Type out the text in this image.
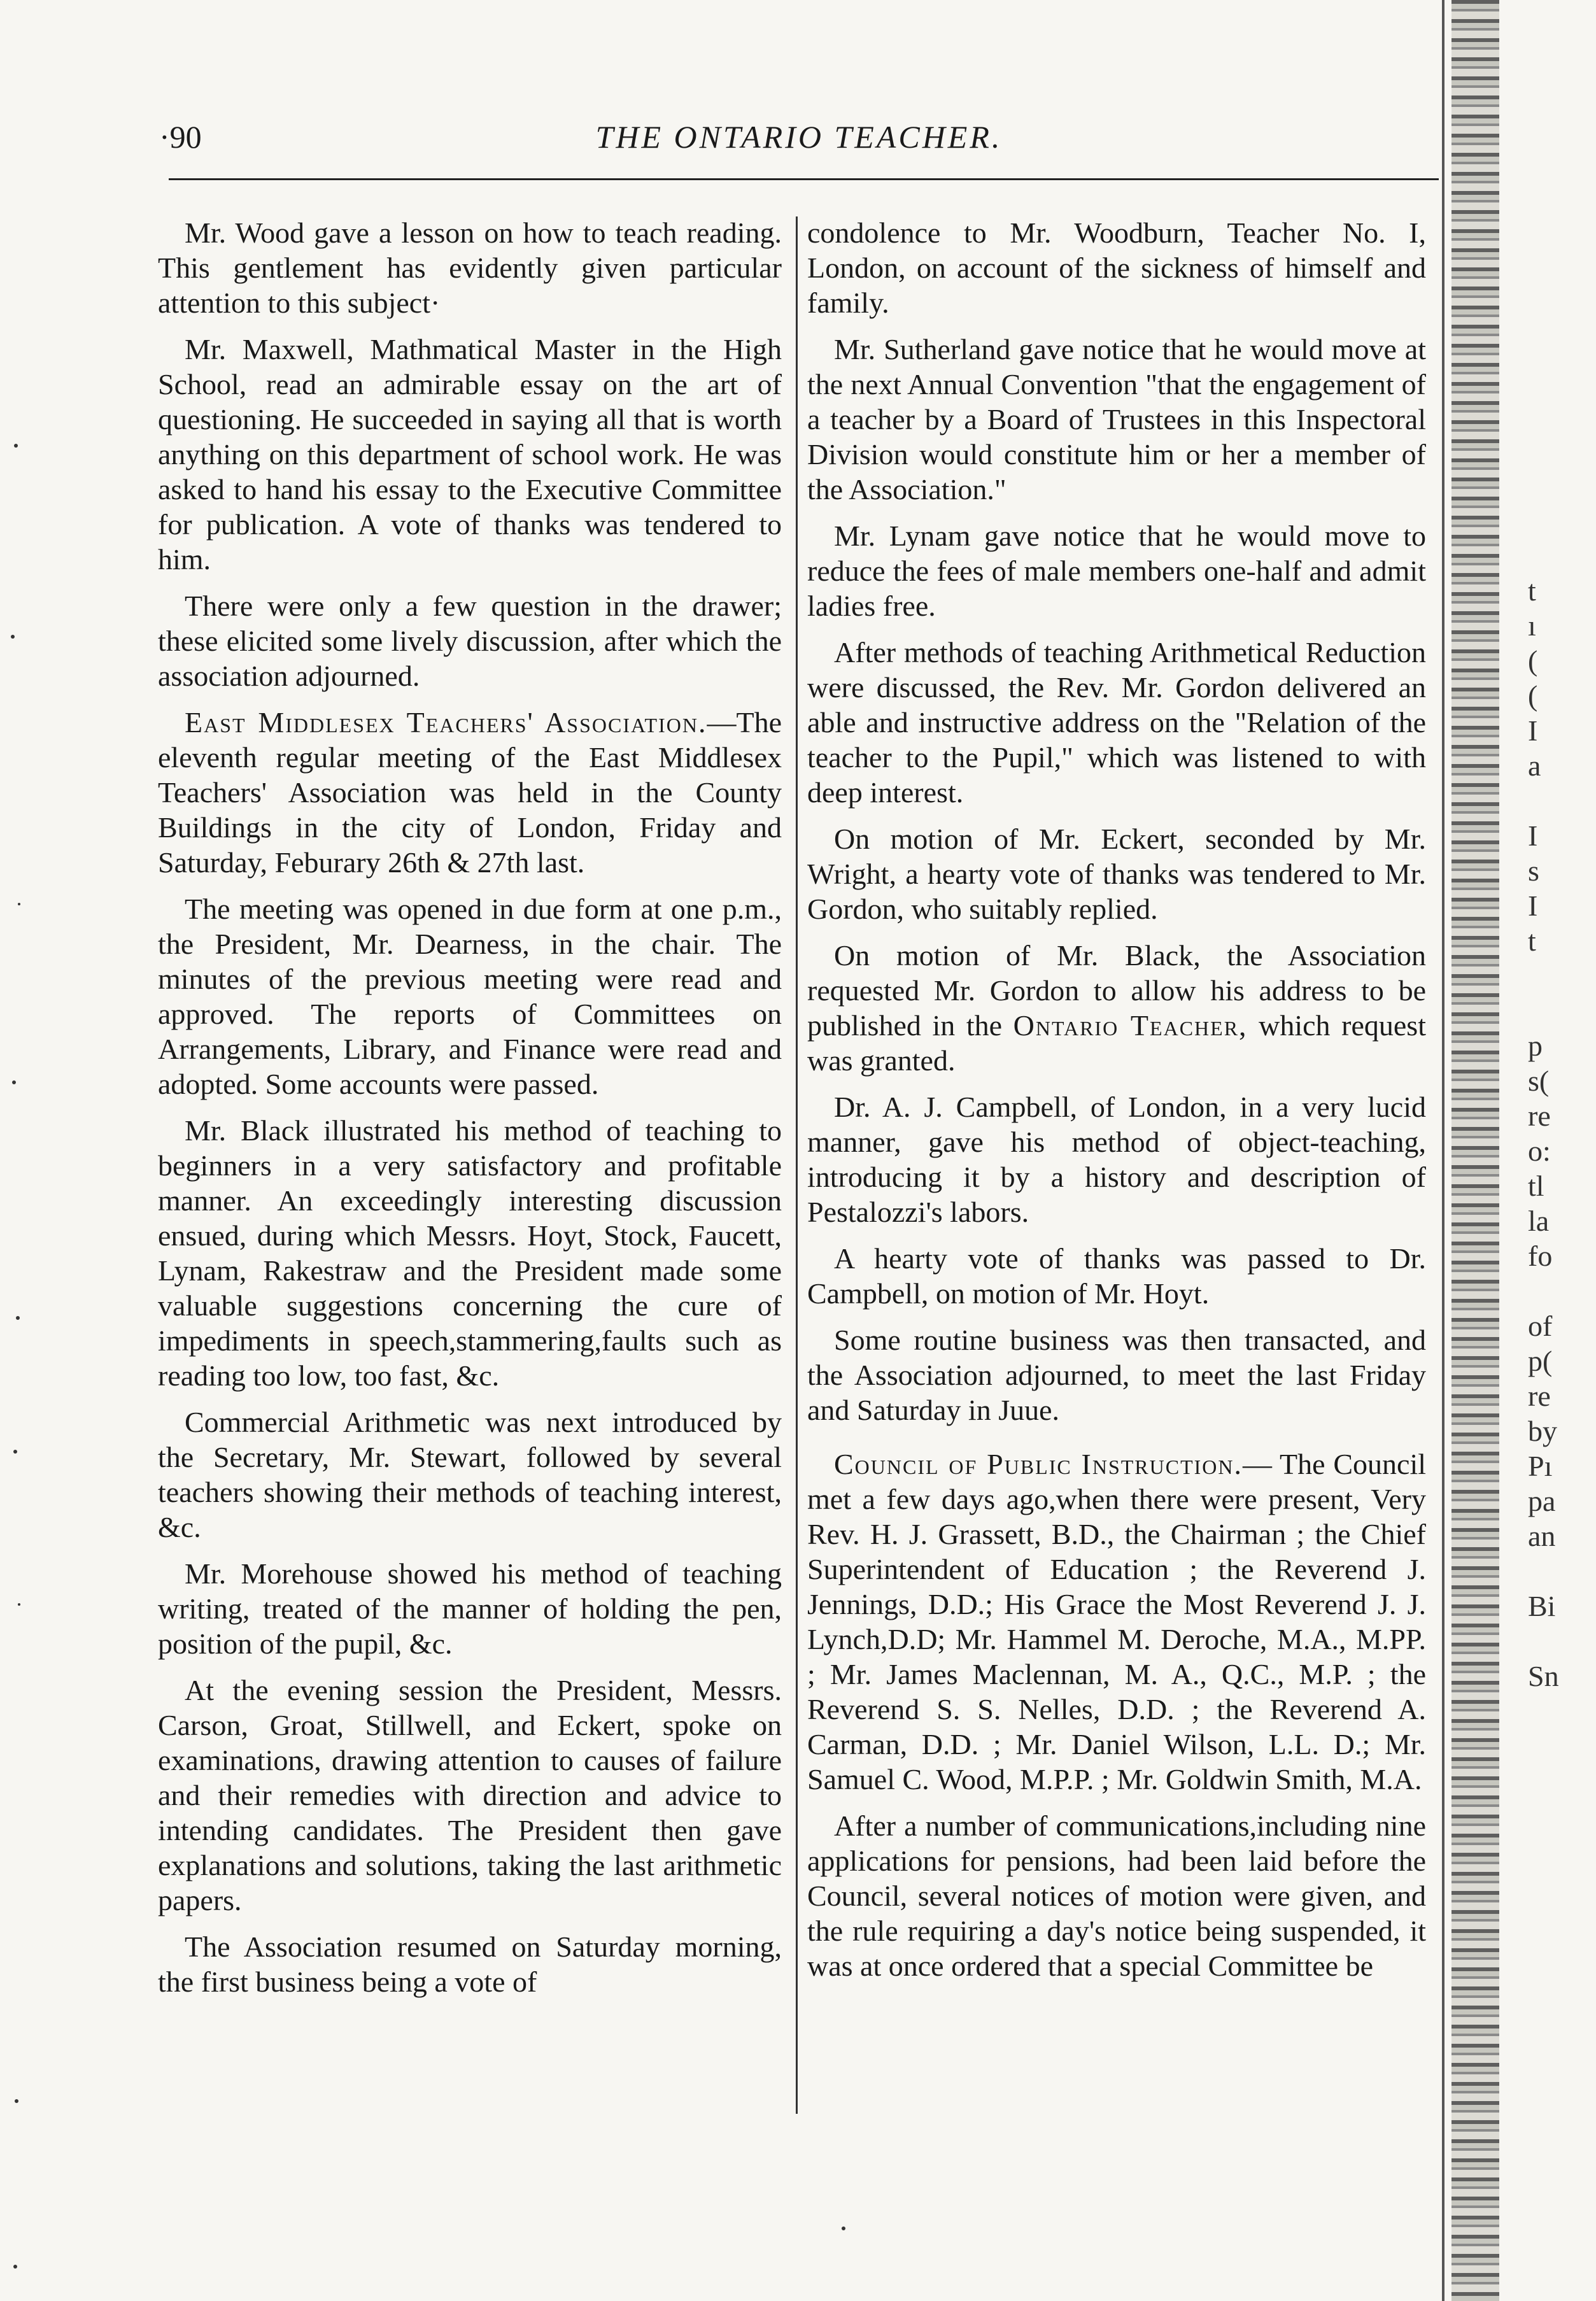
·90	THE ONTARIO TEACHER.

Mr. Wood gave a lesson on how to teach reading. This gentlement has evidently given particular attention to this subject·

Mr. Maxwell, Mathmatical Master in the High School, read an admirable essay on the art of questioning. He succeeded in saying all that is worth anything on this department of school work. He was asked to hand his essay to the Executive Committee for publication. A vote of thanks was tendered to him.

There were only a few question in the drawer; these elicited some lively discussion, after which the association adjourned.

East Middlesex Teachers' Association.—The eleventh regular meeting of the East Middlesex Teachers' Association was held in the County Buildings in the city of London, Friday and Saturday, Feburary 26th & 27th last.

The meeting was opened in due form at one p.m., the President, Mr. Dearness, in the chair. The minutes of the previous meeting were read and approved. The reports of Committees on Arrangements, Library, and Finance were read and adopted. Some accounts were passed.

Mr. Black illustrated his method of teaching to beginners in a very satisfactory and profitable manner. An exceedingly interesting discussion ensued, during which Messrs. Hoyt, Stock, Faucett, Lynam, Rakestraw and the President made some valuable suggestions concerning the cure of impediments in speech,stammering,faults such as reading too low, too fast, &c.

Commercial Arithmetic was next introduced by the Secretary, Mr. Stewart, followed by several teachers showing their methods of teaching interest, &c.

Mr. Morehouse showed his method of teaching writing, treated of the manner of holding the pen, position of the pupil, &c.

At the evening session the President, Messrs. Carson, Groat, Stillwell, and Eckert, spoke on examinations, drawing attention to causes of failure and their remedies with direction and advice to intending candidates. The President then gave explanations and solutions, taking the last arithmetic papers.

The Association resumed on Saturday morning, the first business being a vote of

condolence to Mr. Woodburn, Teacher No. I, London, on account of the sickness of himself and family.

Mr. Sutherland gave notice that he would move at the next Annual Convention "that the engagement of a teacher by a Board of Trustees in this Inspectoral Division would constitute him or her a member of the Association."

Mr. Lynam gave notice that he would move to reduce the fees of male members one-half and admit ladies free.

After methods of teaching Arithmetical Reduction were discussed, the Rev. Mr. Gordon delivered an able and instructive address on the "Relation of the teacher to the Pupil," which was listened to with deep interest.

On motion of Mr. Eckert, seconded by Mr. Wright, a hearty vote of thanks was tendered to Mr. Gordon, who suitably replied.

On motion of Mr. Black, the Association requested Mr. Gordon to allow his address to be published in the Ontario Teacher, which request was granted.

Dr. A. J. Campbell, of London, in a very lucid manner, gave his method of object-teaching, introducing it by a history and description of Pestalozzi's labors.

A hearty vote of thanks was passed to Dr. Campbell, on motion of Mr. Hoyt.

Some routine business was then transacted, and the Association adjourned, to meet the last Friday and Saturday in Juue.

Council of Public Instruction.— The Council met a few days ago,when there were present, Very Rev. H. J. Grassett, B.D., the Chairman ; the Chief Superintendent of Education ; the Reverend J. Jennings, D.D.; His Grace the Most Reverend J. J. Lynch,D.D; Mr. Hammel M. Deroche, M.A., M.PP. ; Mr. James Maclennan, M. A., Q.C., M.P. ; the Reverend S. S. Nelles, D.D. ; the Reverend A. Carman, D.D. ; Mr. Daniel Wilson, L.L. D.; Mr. Samuel C. Wood, M.P.P. ; Mr. Goldwin Smith, M.A.

After a number of communications,including nine applications for pensions, had been laid before the Council, several notices of motion were given, and the rule requiring a day's notice being suspended, it was at once ordered that a special Committee be

t
ı
(
(
I
a
I
s
I
t
p
s(
re
o:
tl
la
fo
of
p(
re
by
Pı
pa
an
Bi
Sn
